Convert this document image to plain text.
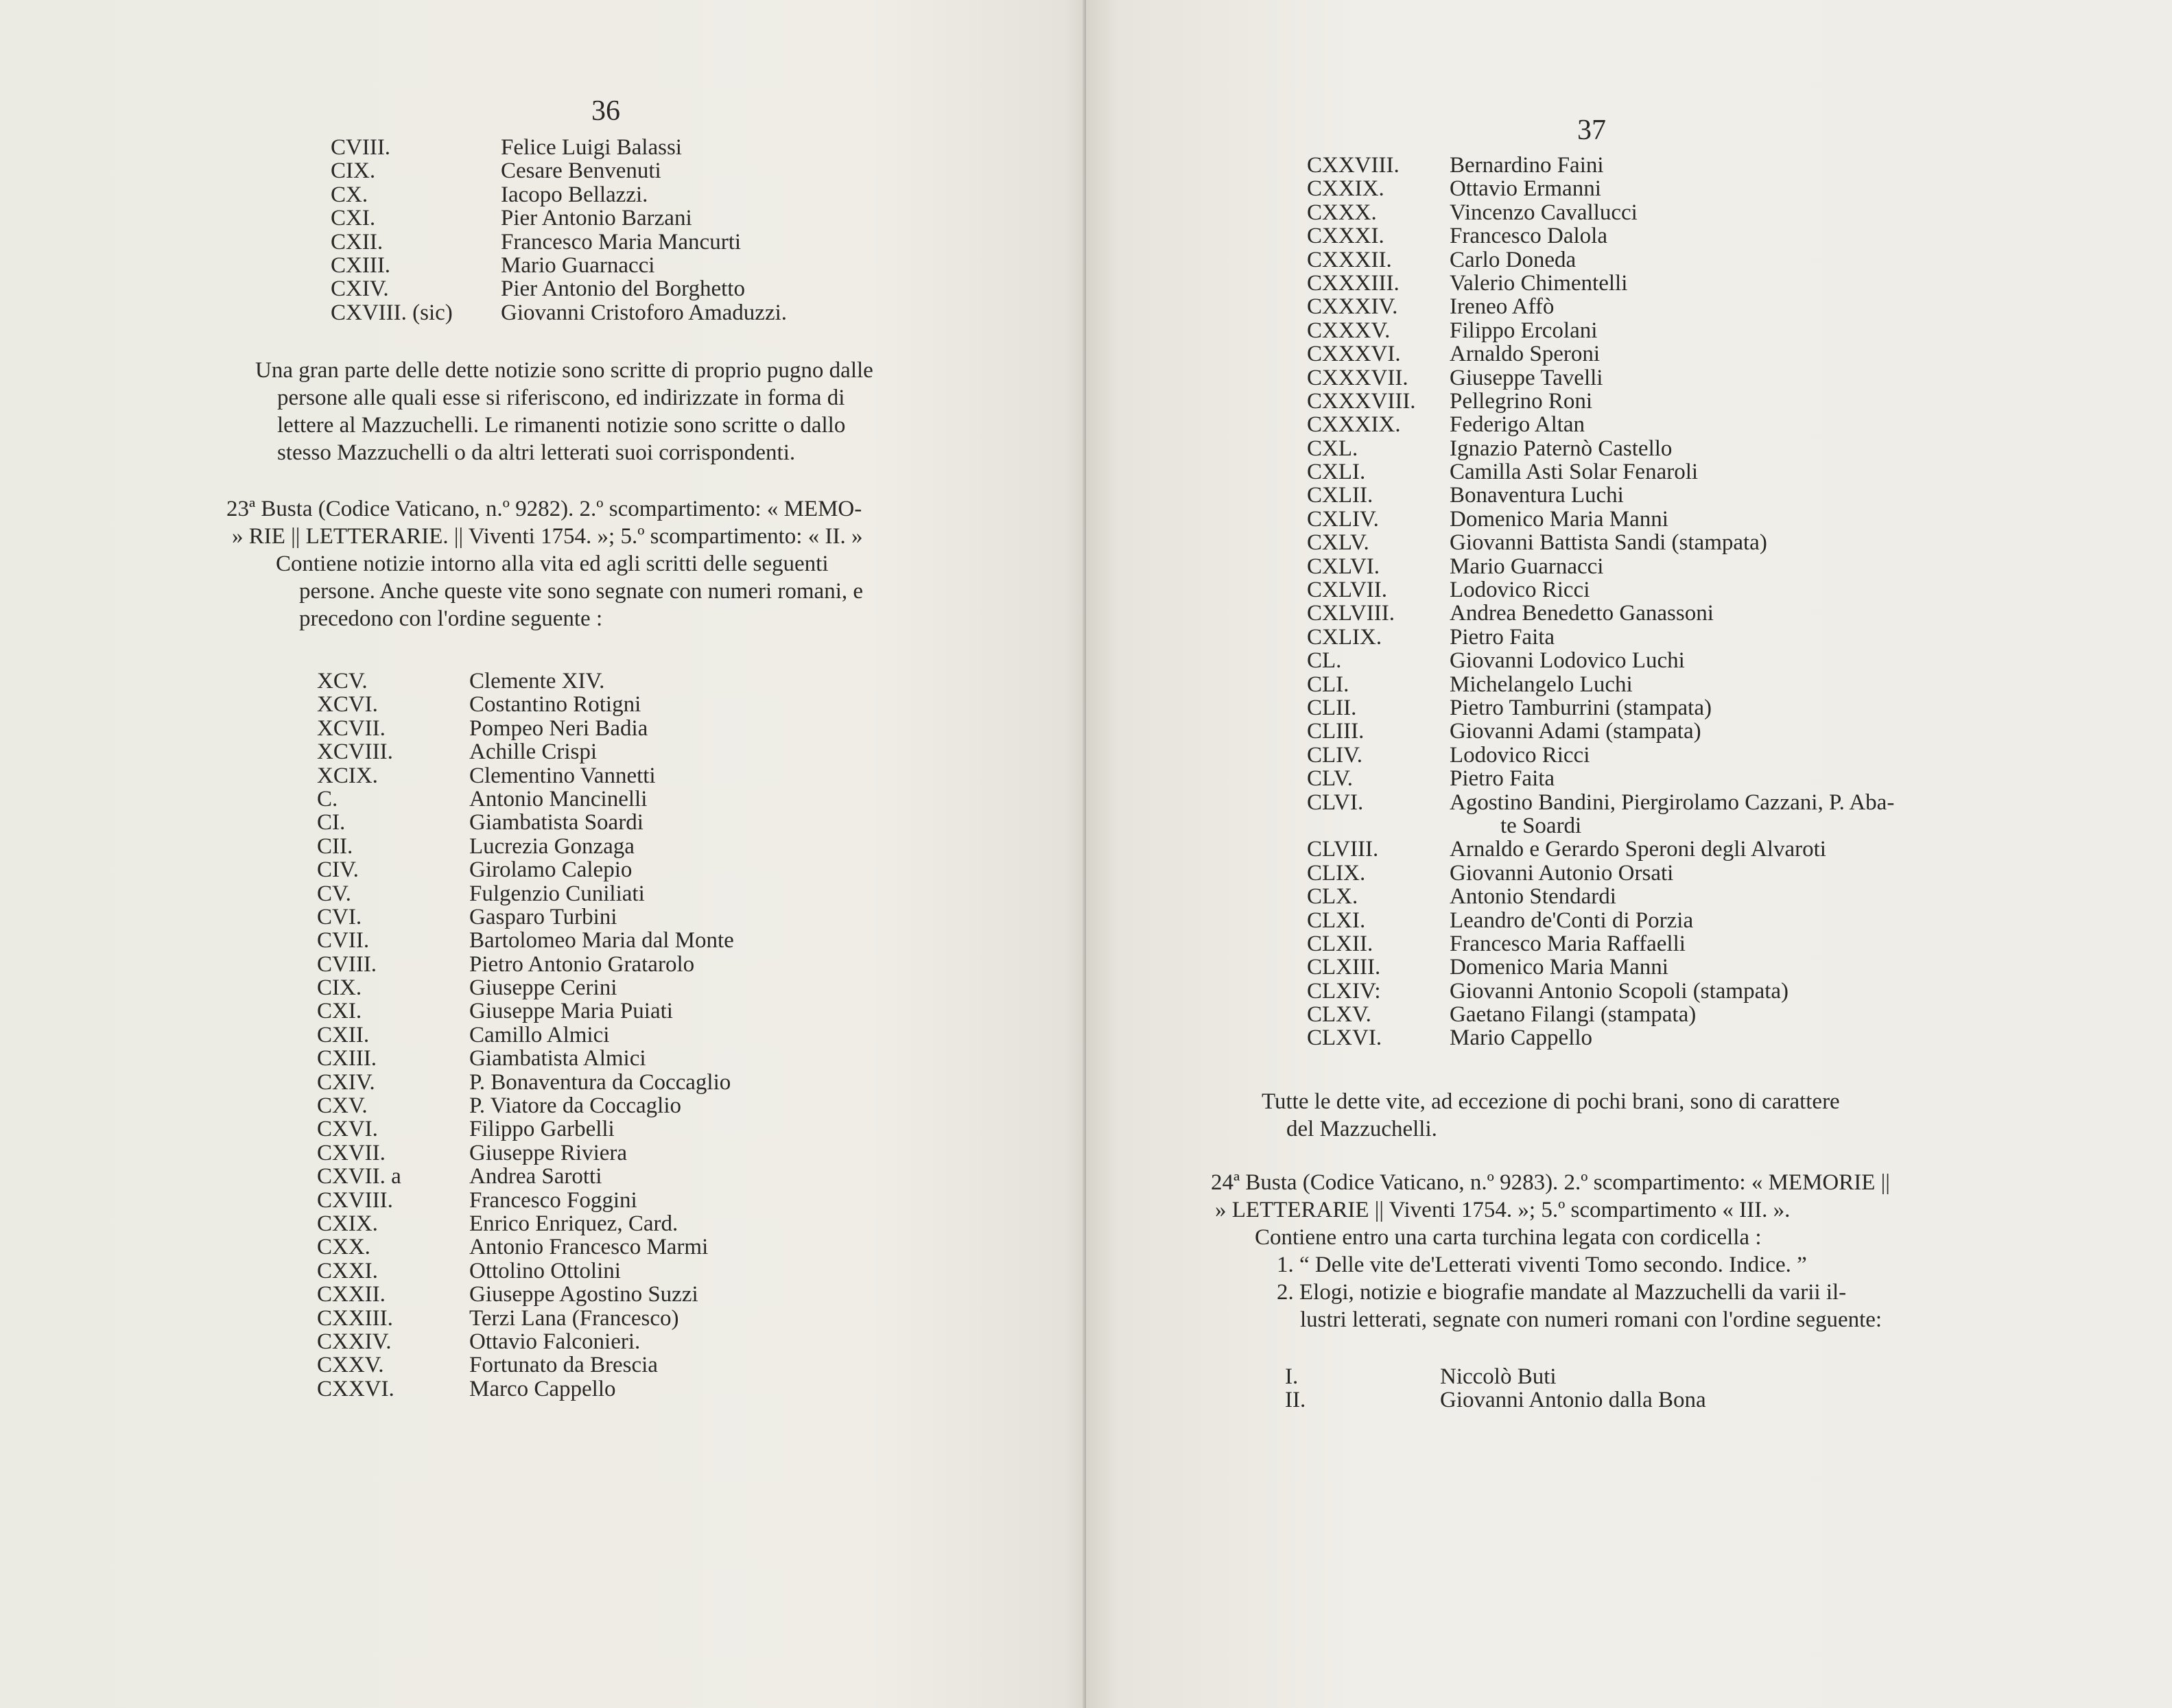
36
CVIII.	Felice Luigi Balassi
CIX.	Cesare Benvenuti
CX.	Iacopo Bellazzi.
CXI.	Pier Antonio Barzani
CXII.	Francesco Maria Mancurti
CXIII.	Mario Guarnacci
CXIV.	Pier Antonio del Borghetto
CXVIII. (sic)	Giovanni Cristoforo Amaduzzi.

Una gran parte delle dette notizie sono scritte di proprio pugno dalle

persone alle quali esse si riferiscono, ed indirizzate in forma di

lettere al Mazzuchelli. Le rimanenti notizie sono scritte o dallo

stesso Mazzuchelli o da altri letterati suoi corrispondenti.

23ª Busta (Codice Vaticano, n.º 9282). 2.º scompartimento: « MEMO-

» RIE || LETTERARIE. || Viventi 1754. »; 5.º scompartimento: « II. »

Contiene notizie intorno alla vita ed agli scritti delle seguenti

persone. Anche queste vite sono segnate con numeri romani, e

precedono con l'ordine seguente :

XCV.	Clemente XIV.
XCVI.	Costantino Rotigni
XCVII.	Pompeo Neri Badia
XCVIII.	Achille Crispi
XCIX.	Clementino Vannetti
C.	Antonio Mancinelli
CI.	Giambatista Soardi
CII.	Lucrezia Gonzaga
CIV.	Girolamo Calepio
CV.	Fulgenzio Cuniliati
CVI.	Gasparo Turbini
CVII.	Bartolomeo Maria dal Monte
CVIII.	Pietro Antonio Gratarolo
CIX.	Giuseppe Cerini
CXI.	Giuseppe Maria Puiati
CXII.	Camillo Almici
CXIII.	Giambatista Almici
CXIV.	P. Bonaventura da Coccaglio
CXV.	P. Viatore da Coccaglio
CXVI.	Filippo Garbelli
CXVII.	Giuseppe Riviera
CXVII. a	Andrea Sarotti
CXVIII.	Francesco Foggini
CXIX.	Enrico Enriquez, Card.
CXX.	Antonio Francesco Marmi
CXXI.	Ottolino Ottolini
CXXII.	Giuseppe Agostino Suzzi
CXXIII.	Terzi Lana (Francesco)
CXXIV.	Ottavio Falconieri.
CXXV.	Fortunato da Brescia
CXXVI.	Marco Cappello
37
CXXVIII.	Bernardino Faini
CXXIX.	Ottavio Ermanni
CXXX.	Vincenzo Cavallucci
CXXXI.	Francesco Dalola
CXXXII.	Carlo Doneda
CXXXIII.	Valerio Chimentelli
CXXXIV.	Ireneo Affò
CXXXV.	Filippo Ercolani
CXXXVI.	Arnaldo Speroni
CXXXVII.	Giuseppe Tavelli
CXXXVIII.	Pellegrino Roni
CXXXIX.	Federigo Altan
CXL.	Ignazio Paternò Castello
CXLI.	Camilla Asti Solar Fenaroli
CXLII.	Bonaventura Luchi
CXLIV.	Domenico Maria Manni
CXLV.	Giovanni Battista Sandi (stampata)
CXLVI.	Mario Guarnacci
CXLVII.	Lodovico Ricci
CXLVIII.	Andrea Benedetto Ganassoni
CXLIX.	Pietro Faita
CL.	Giovanni Lodovico Luchi
CLI.	Michelangelo Luchi
CLII.	Pietro Tamburrini (stampata)
CLIII.	Giovanni Adami (stampata)
CLIV.	Lodovico Ricci
CLV.	Pietro Faita
CLVI.	Agostino Bandini, Piergirolamo Cazzani, P. Aba-
te Soardi
CLVIII.	Arnaldo e Gerardo Speroni degli Alvaroti
CLIX.	Giovanni Autonio Orsati
CLX.	Antonio Stendardi
CLXI.	Leandro de'Conti di Porzia
CLXII.	Francesco Maria Raffaelli
CLXIII.	Domenico Maria Manni
CLXIV:	Giovanni Antonio Scopoli (stampata)
CLXV.	Gaetano Filangi (stampata)
CLXVI.	Mario Cappello

Tutte le dette vite, ad eccezione di pochi brani, sono di carattere

del Mazzuchelli.

24ª Busta (Codice Vaticano, n.º 9283). 2.º scompartimento: « MEMORIE ||

» LETTERARIE || Viventi 1754. »; 5.º scompartimento « III. ».

Contiene entro una carta turchina legata con cordicella :

1. “ Delle vite de'Letterati viventi Tomo secondo. Indice. ”

2. Elogi, notizie e biografie mandate al Mazzuchelli da varii il-

lustri letterati, segnate con numeri romani con l'ordine seguente:

I.	Niccolò Buti
II.	Giovanni Antonio dalla Bona
